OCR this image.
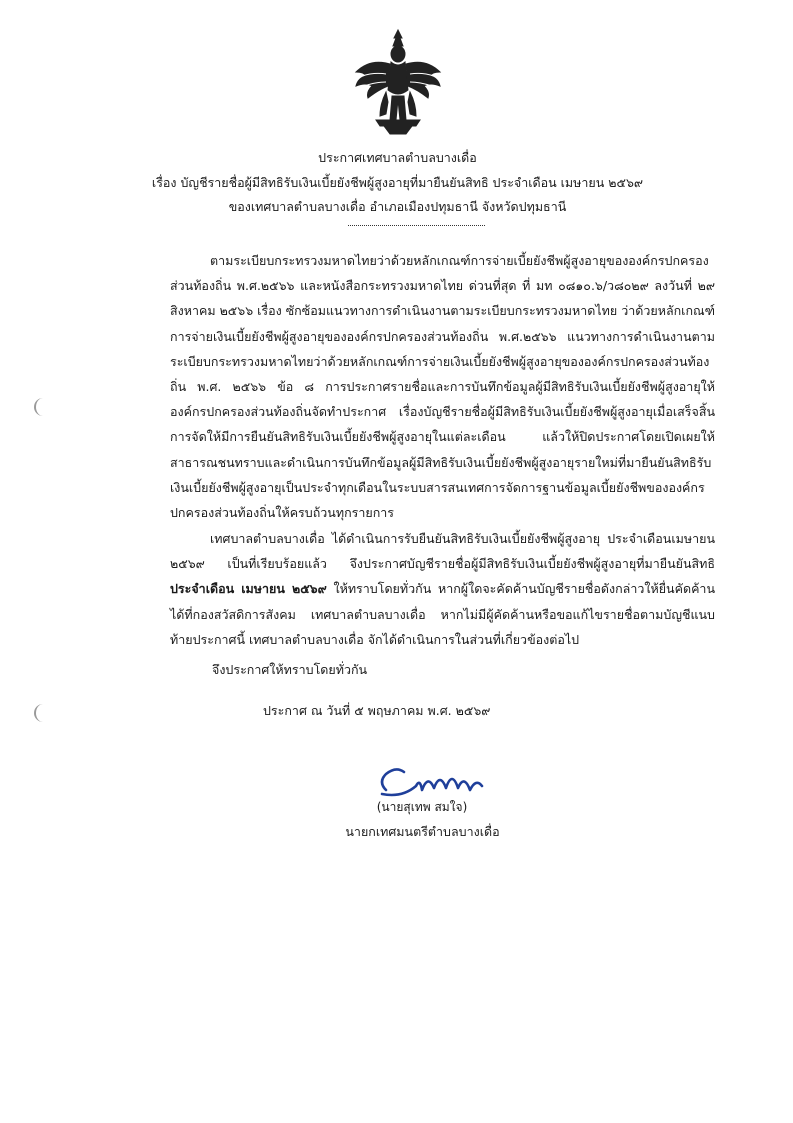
ประกาศเทศบาลตำบลบางเดื่อ
เรื่อง บัญชีรายชื่อผู้มีสิทธิรับเงินเบี้ยยังชีพผู้สูงอายุที่มายืนยันสิทธิ ประจำเดือน เมษายน ๒๕๖๙
ของเทศบาลตำบลบางเดื่อ อำเภอเมืองปทุมธานี จังหวัดปทุมธานี
ตามระเบียบกระทรวงมหาดไทยว่าด้วยหลักเกณฑ์การจ่ายเบี้ยยังชีพผู้สูงอายุขององค์กรปกครองส่วนท้องถิ่น พ.ศ.๒๕๖๖ และหนังสือกระทรวงมหาดไทย ด่วนที่สุด ที่ มท ๐๘๑๐.๖/ว๘๐๒๙ ลงวันที่ ๒๙ สิงหาคม ๒๕๖๖ เรื่อง ซักซ้อมแนวทางการดำเนินงานตามระเบียบกระทรวงมหาดไทย ว่าด้วยหลักเกณฑ์การจ่ายเงินเบี้ยยังชีพผู้สูงอายุขององค์กรปกครองส่วนท้องถิ่น พ.ศ.๒๕๖๖ แนวทางการดำเนินงานตามระเบียบกระทรวงมหาดไทยว่าด้วยหลักเกณฑ์การจ่ายเงินเบี้ยยังชีพผู้สูงอายุขององค์กรปกครองส่วนท้องถิ่น พ.ศ. ๒๕๖๖ ข้อ ๘ การประกาศรายชื่อและการบันทึกข้อมูลผู้มีสิทธิรับเงินเบี้ยยังชีพผู้สูงอายุให้องค์กรปกครองส่วนท้องถิ่นจัดทำประกาศ เรื่องบัญชีรายชื่อผู้มีสิทธิรับเงินเบี้ยยังชีพผู้สูงอายุเมื่อเสร็จสิ้นการจัดให้มีการยืนยันสิทธิรับเงินเบี้ยยังชีพผู้สูงอายุในแต่ละเดือน แล้วให้ปิดประกาศโดยเปิดเผยให้สาธารณชนทราบและดำเนินการบันทึกข้อมูลผู้มีสิทธิรับเงินเบี้ยยังชีพผู้สูงอายุรายใหม่ที่มายืนยันสิทธิรับเงินเบี้ยยังชีพผู้สูงอายุเป็นประจำทุกเดือนในระบบสารสนเทศการจัดการฐานข้อมูลเบี้ยยังชีพขององค์กรปกครองส่วนท้องถิ่นให้ครบถ้วนทุกรายการ
เทศบาลตำบลบางเดื่อ ได้ดำเนินการรับยืนยันสิทธิรับเงินเบี้ยยังชีพผู้สูงอายุ ประจำเดือนเมษายน ๒๕๖๙ เป็นที่เรียบร้อยแล้ว จึงประกาศบัญชีรายชื่อผู้มีสิทธิรับเงินเบี้ยยังชีพผู้สูงอายุที่มายืนยันสิทธิ ประจำเดือน เมษายน ๒๕๖๙ ให้ทราบโดยทั่วกัน หากผู้ใดจะคัดค้านบัญชีรายชื่อดังกล่าวให้ยื่นคัดค้านได้ที่กองสวัสดิการสังคม เทศบาลตำบลบางเดื่อ หากไม่มีผู้คัดค้านหรือขอแก้ไขรายชื่อตามบัญชีแนบท้ายประกาศนี้ เทศบาลตำบลบางเดื่อ จักได้ดำเนินการในส่วนที่เกี่ยวข้องต่อไป
จึงประกาศให้ทราบโดยทั่วกัน
ประกาศ ณ วันที่ ๕ พฤษภาคม พ.ศ. ๒๕๖๙
(นายสุเทพ สมใจ)
นายกเทศมนตรีตำบลบางเดื่อ
